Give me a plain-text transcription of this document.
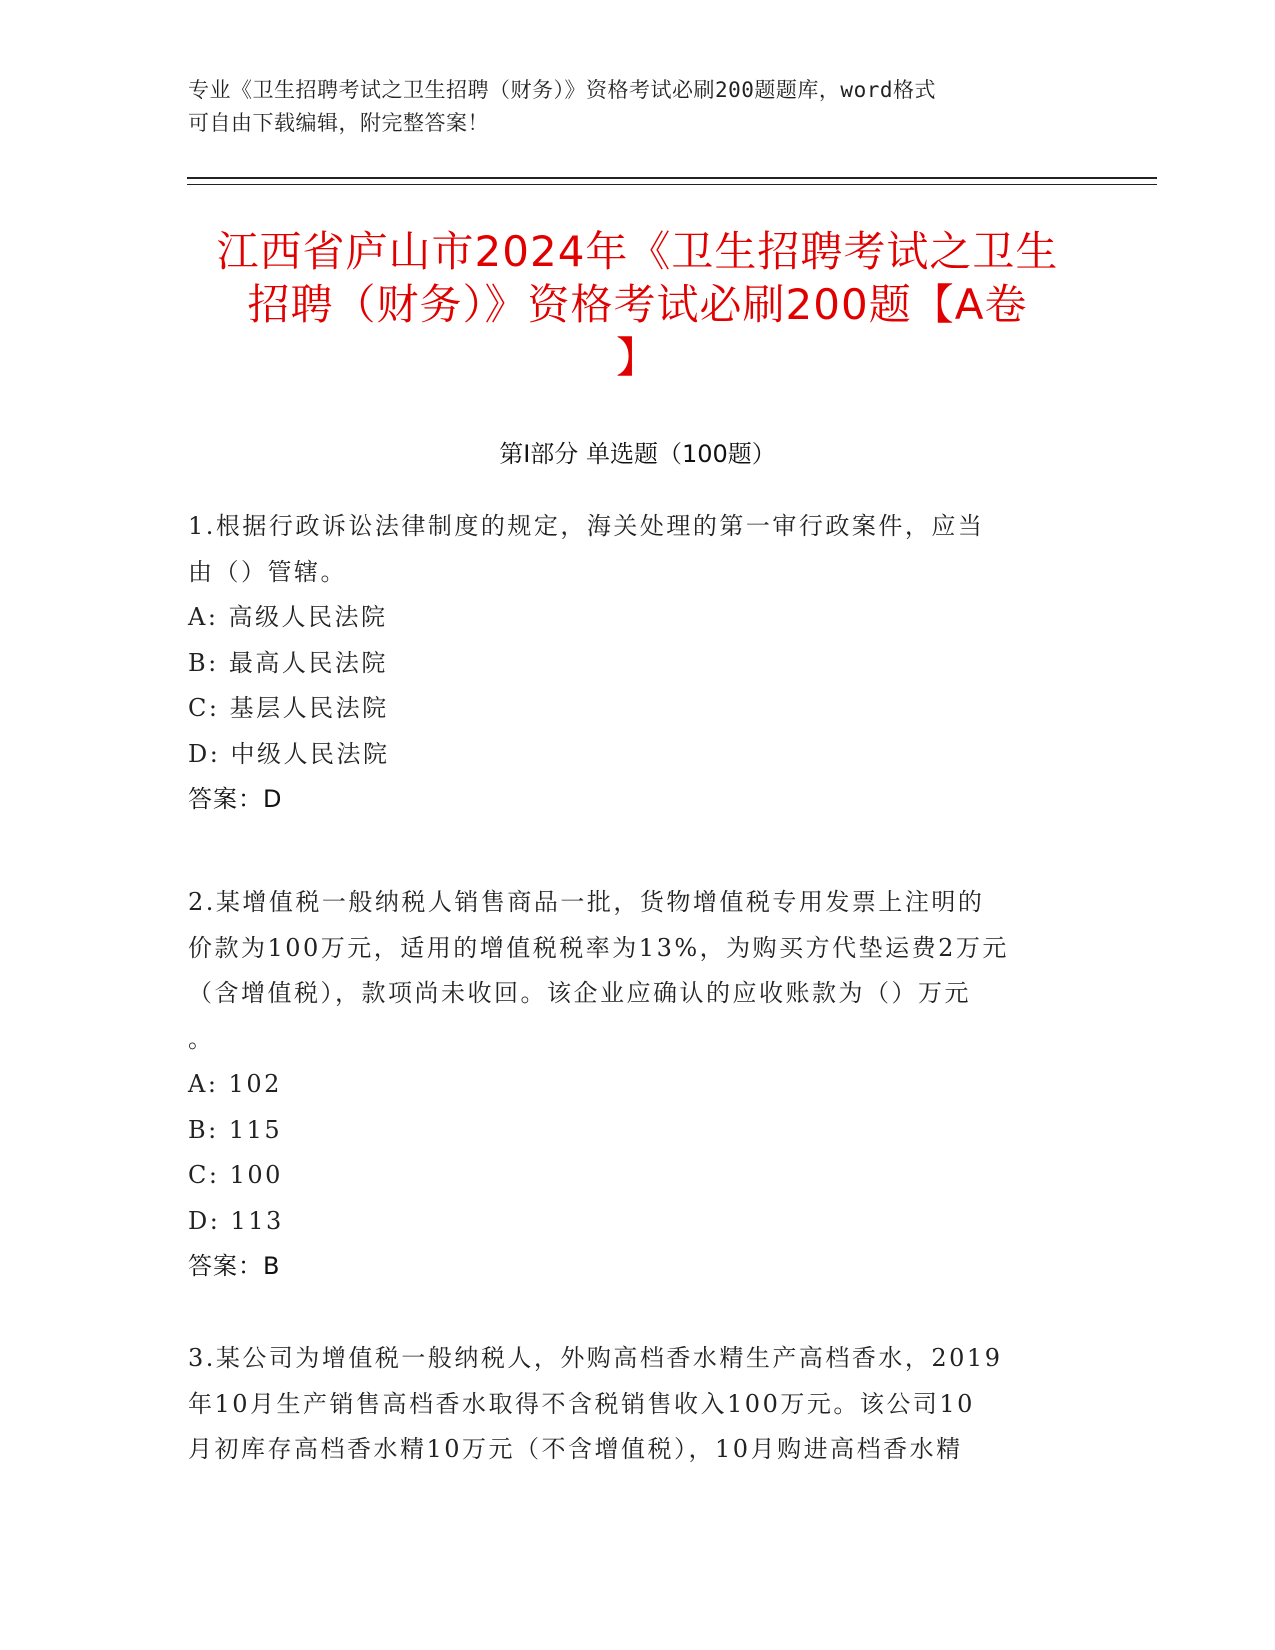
专业《卫生招聘考试之卫生招聘（财务）》资格考试必刷200题题库，word格式
可自由下载编辑，附完整答案！
江西省庐山市2024年《卫生招聘考试之卫生
招聘（财务）》资格考试必刷200题【A卷
】
第Ⅰ部分 单选题（100题）
1.根据行政诉讼法律制度的规定，海关处理的第一审行政案件，应当
由（）管辖。
A: 高级人民法院
B: 最高人民法院
C: 基层人民法院
D: 中级人民法院
答案：D
2.某增值税一般纳税人销售商品一批，货物增值税专用发票上注明的
价款为100万元，适用的增值税税率为13%，为购买方代垫运费2万元
（含增值税），款项尚未收回。该企业应确认的应收账款为（）万元
。
A: 102
B: 115
C: 100
D: 113
答案：B
3.某公司为增值税一般纳税人，外购高档香水精生产高档香水，2019
年10月生产销售高档香水取得不含税销售收入100万元。该公司10
月初库存高档香水精10万元（不含增值税），10月购进高档香水精
